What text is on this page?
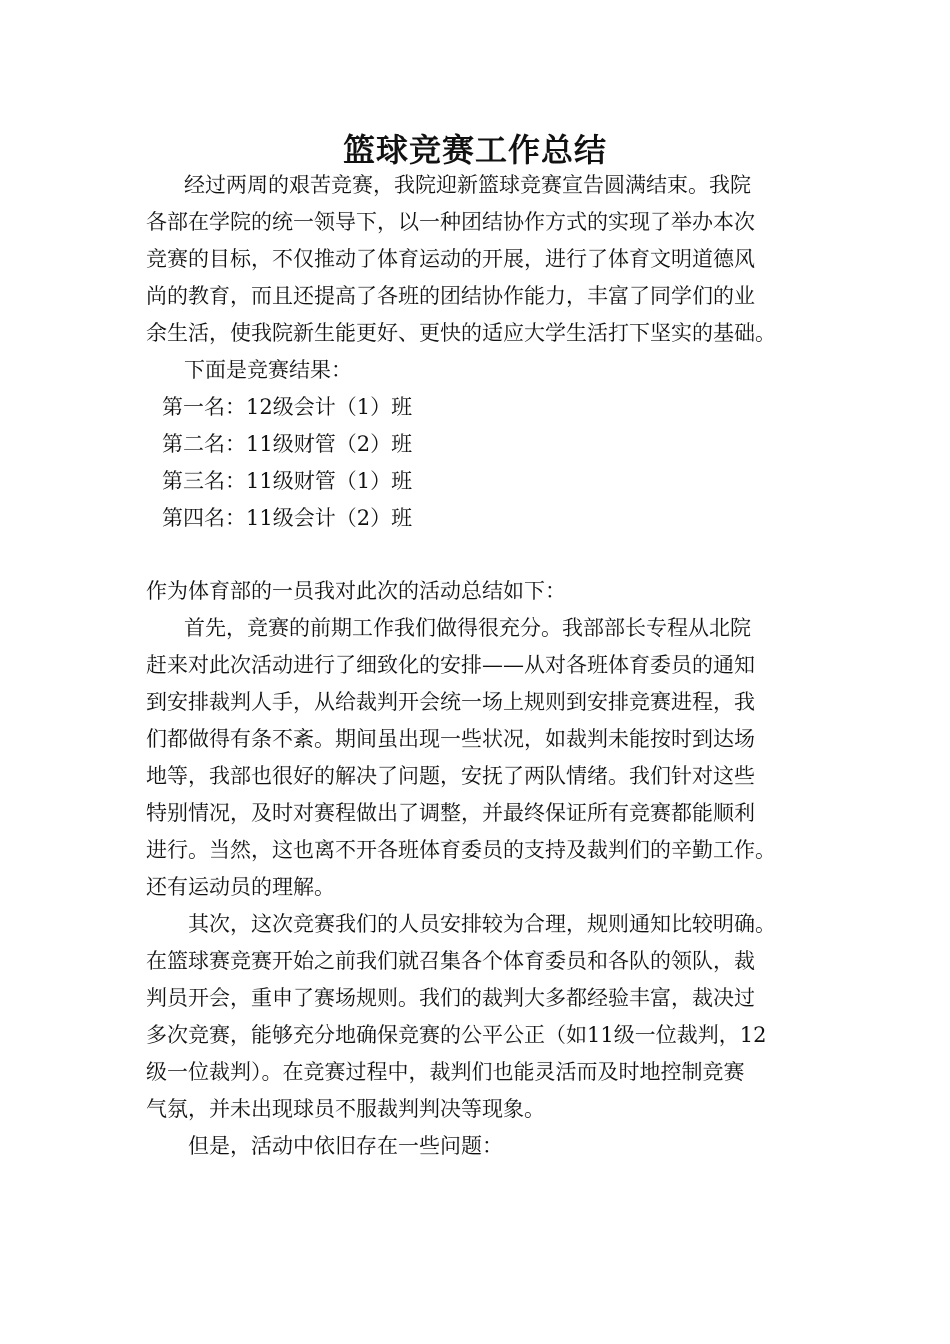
篮球竞赛工作总结

经过两周的艰苦竞赛，我院迎新篮球竞赛宣告圆满结束。我院

各部在学院的统一领导下，以一种团结协作方式的实现了举办本次

竞赛的目标，不仅推动了体育运动的开展，进行了体育文明道德风

尚的教育，而且还提高了各班的团结协作能力，丰富了同学们的业

余生活，使我院新生能更好、更快的适应大学生活打下坚实的基础。

下面是竞赛结果：

第一名：12级会计（1）班

第二名：11级财管（2）班

第三名：11级财管（1）班

第四名：11级会计（2）班

作为体育部的一员我对此次的活动总结如下：

首先，竞赛的前期工作我们做得很充分。我部部长专程从北院

赶来对此次活动进行了细致化的安排——从对各班体育委员的通知

到安排裁判人手，从给裁判开会统一场上规则到安排竞赛进程，我

们都做得有条不紊。期间虽出现一些状况，如裁判未能按时到达场

地等，我部也很好的解决了问题，安抚了两队情绪。我们针对这些

特别情况，及时对赛程做出了调整，并最终保证所有竞赛都能顺利

进行。当然，这也离不开各班体育委员的支持及裁判们的辛勤工作。

还有运动员的理解。

其次，这次竞赛我们的人员安排较为合理，规则通知比较明确。

在篮球赛竞赛开始之前我们就召集各个体育委员和各队的领队，裁

判员开会，重申了赛场规则。我们的裁判大多都经验丰富，裁决过

多次竞赛，能够充分地确保竞赛的公平公正（如11级一位裁判，12

级一位裁判）。在竞赛过程中，裁判们也能灵活而及时地控制竞赛

气氛，并未出现球员不服裁判判决等现象。

但是，活动中依旧存在一些问题：
